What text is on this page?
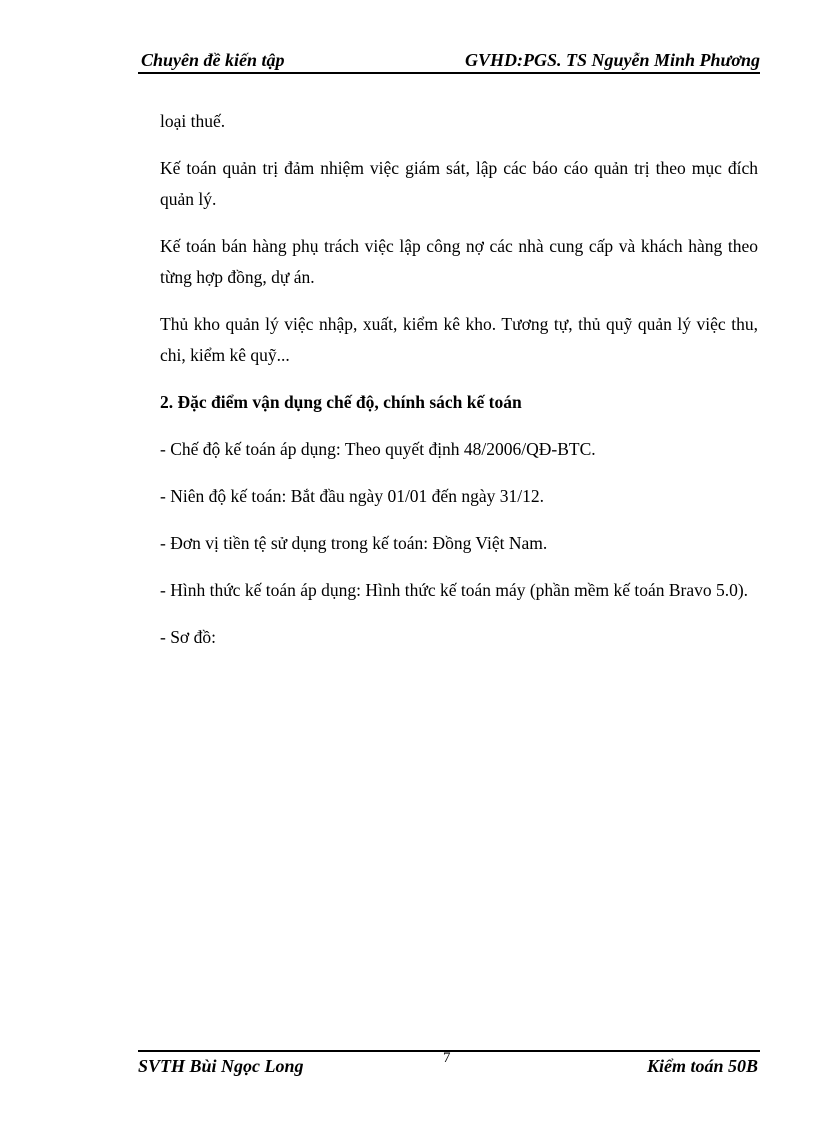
Chuyên đề kiến tập	GVHD:PGS. TS Nguyễn Minh Phương

loại thuế.

Kế toán quản trị đảm nhiệm việc giám sát, lập các báo cáo quản trị theo mục đích quản lý.

Kế toán bán hàng phụ trách việc lập công nợ các nhà cung cấp và khách hàng theo từng hợp đồng, dự án.

Thủ kho quản lý việc nhập, xuất, kiểm kê kho. Tương tự, thủ quỹ quản lý việc thu, chi, kiểm kê quỹ...

2. Đặc điểm vận dụng chế độ, chính sách kế toán

- Chế độ kế toán áp dụng: Theo quyết định 48/2006/QĐ-BTC.

- Niên độ kế toán: Bắt đầu ngày 01/01 đến ngày 31/12.

- Đơn vị tiền tệ sử dụng trong kế toán: Đồng Việt Nam.

- Hình thức kế toán áp dụng: Hình thức kế toán máy (phần mềm kế toán Bravo 5.0).

- Sơ đồ:

SVTH Bùi Ngọc Long	7	Kiểm toán 50B
